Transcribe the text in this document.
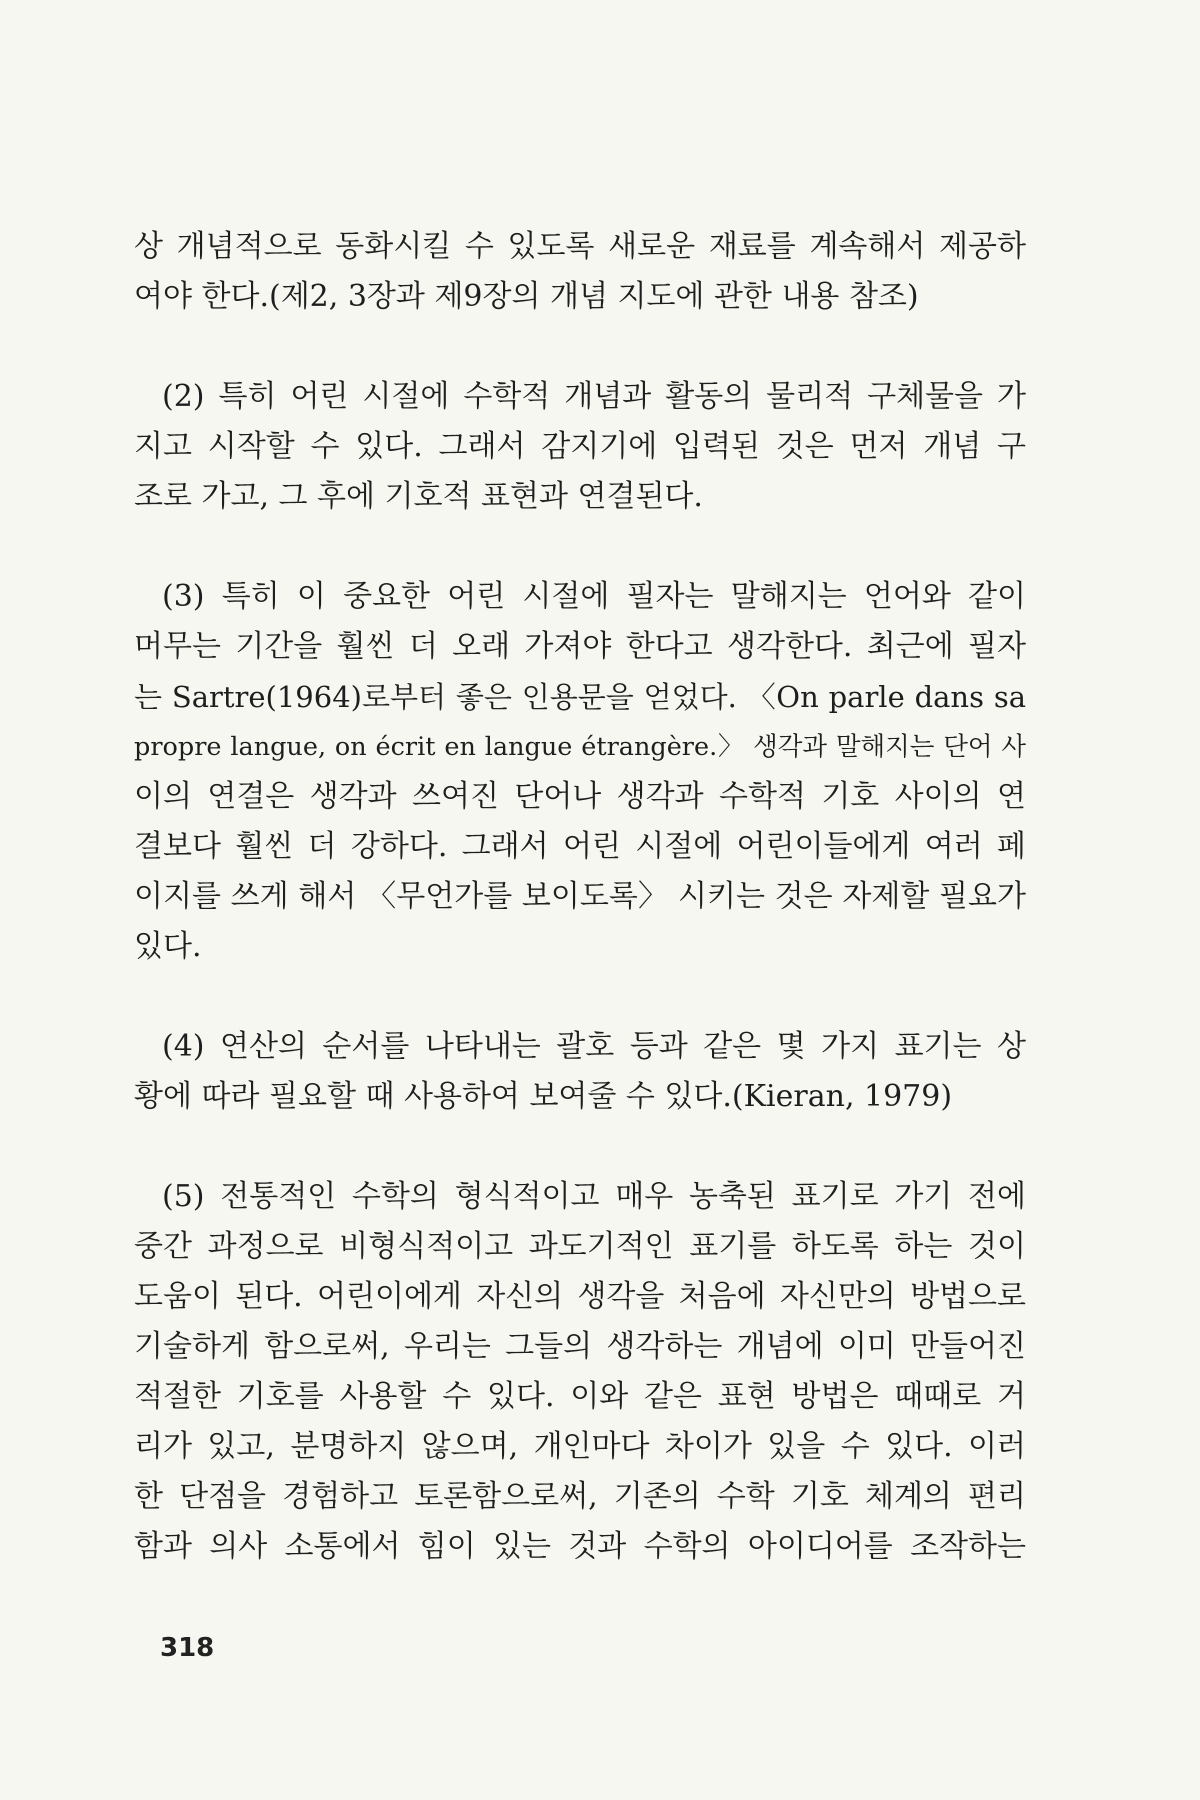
상 개념적으로 동화시킬 수 있도록 새로운 재료를 계속해서 제공하
여야 한다.(제2, 3장과 제9장의 개념 지도에 관한 내용 참조)
(2) 특히 어린 시절에 수학적 개념과 활동의 물리적 구체물을 가
지고 시작할 수 있다. 그래서 감지기에 입력된 것은 먼저 개념 구
조로 가고, 그 후에 기호적 표현과 연결된다.
(3) 특히 이 중요한 어린 시절에 필자는 말해지는 언어와 같이
머무는 기간을 훨씬 더 오래 가져야 한다고 생각한다. 최근에 필자
는 Sartre(1964)로부터 좋은 인용문을 얻었다. 〈On parle dans sa
propre langue, on écrit en langue étrangère.〉 생각과 말해지는 단어 사
이의 연결은 생각과 쓰여진 단어나 생각과 수학적 기호 사이의 연
결보다 훨씬 더 강하다. 그래서 어린 시절에 어린이들에게 여러 페
이지를 쓰게 해서 〈무언가를 보이도록〉 시키는 것은 자제할 필요가
있다.
(4) 연산의 순서를 나타내는 괄호 등과 같은 몇 가지 표기는 상
황에 따라 필요할 때 사용하여 보여줄 수 있다.(Kieran, 1979)
(5) 전통적인 수학의 형식적이고 매우 농축된 표기로 가기 전에
중간 과정으로 비형식적이고 과도기적인 표기를 하도록 하는 것이
도움이 된다. 어린이에게 자신의 생각을 처음에 자신만의 방법으로
기술하게 함으로써, 우리는 그들의 생각하는 개념에 이미 만들어진
적절한 기호를 사용할 수 있다. 이와 같은 표현 방법은 때때로 거
리가 있고, 분명하지 않으며, 개인마다 차이가 있을 수 있다. 이러
한 단점을 경험하고 토론함으로써, 기존의 수학 기호 체계의 편리
함과 의사 소통에서 힘이 있는 것과 수학의 아이디어를 조작하는
318
